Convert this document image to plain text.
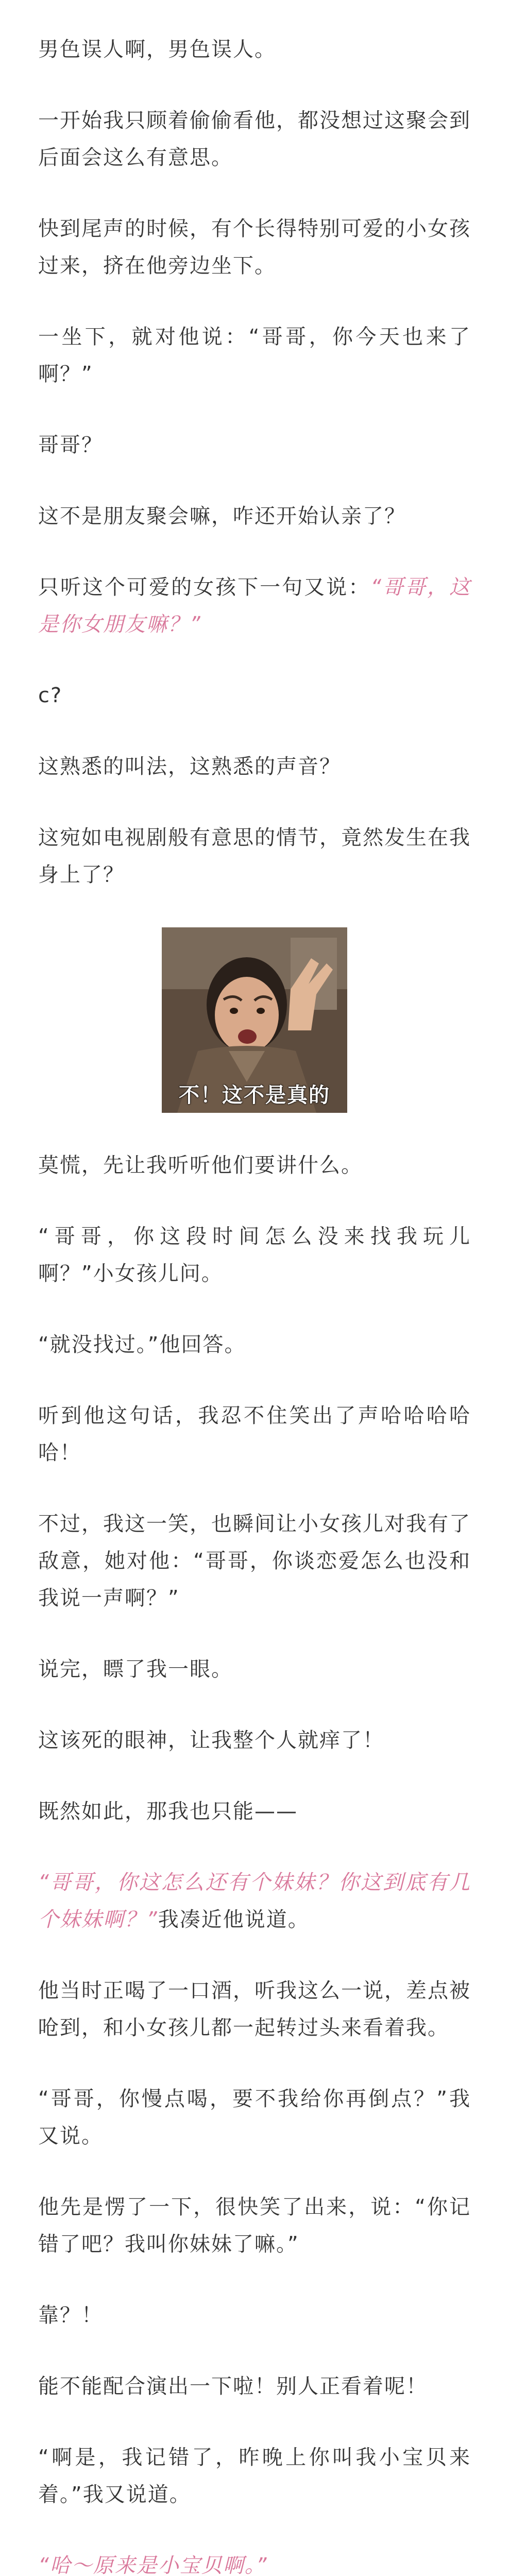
男色误人啊，男色误人。

一开始我只顾着偷偷看他，都没想过这聚会到后面会这么有意思。

快到尾声的时候，有个长得特别可爱的小女孩过来，挤在他旁边坐下。

一坐下，就对他说：“哥哥，你今天也来了啊？”

哥哥？

这不是朋友聚会嘛，咋还开始认亲了？

只听这个可爱的女孩下一句又说：“哥哥，这是你女朋友嘛？”

c?

这熟悉的叫法，这熟悉的声音？

这宛如电视剧般有意思的情节，竟然发生在我身上了？

不！这不是真的

莫慌，先让我听听他们要讲什么。

“哥哥，你这段时间怎么没来找我玩儿啊？”小女孩儿问。

“就没找过。”他回答。

听到他这句话，我忍不住笑出了声哈哈哈哈哈！

不过，我这一笑，也瞬间让小女孩儿对我有了敌意，她对他：“哥哥，你谈恋爱怎么也没和我说一声啊？”

说完，瞟了我一眼。

这该死的眼神，让我整个人就痒了！

既然如此，那我也只能——

“哥哥，你这怎么还有个妹妹？你这到底有几个妹妹啊？”我凑近他说道。

他当时正喝了一口酒，听我这么一说，差点被呛到，和小女孩儿都一起转过头来看着我。

“哥哥，你慢点喝，要不我给你再倒点？”我又说。

他先是愣了一下，很快笑了出来，说：“你记错了吧？我叫你妹妹了嘛。”

靠？！

能不能配合演出一下啦！别人正看着呢！

“啊是，我记错了，昨晚上你叫我小宝贝来着。”我又说道。

“哈～原来是小宝贝啊。”
